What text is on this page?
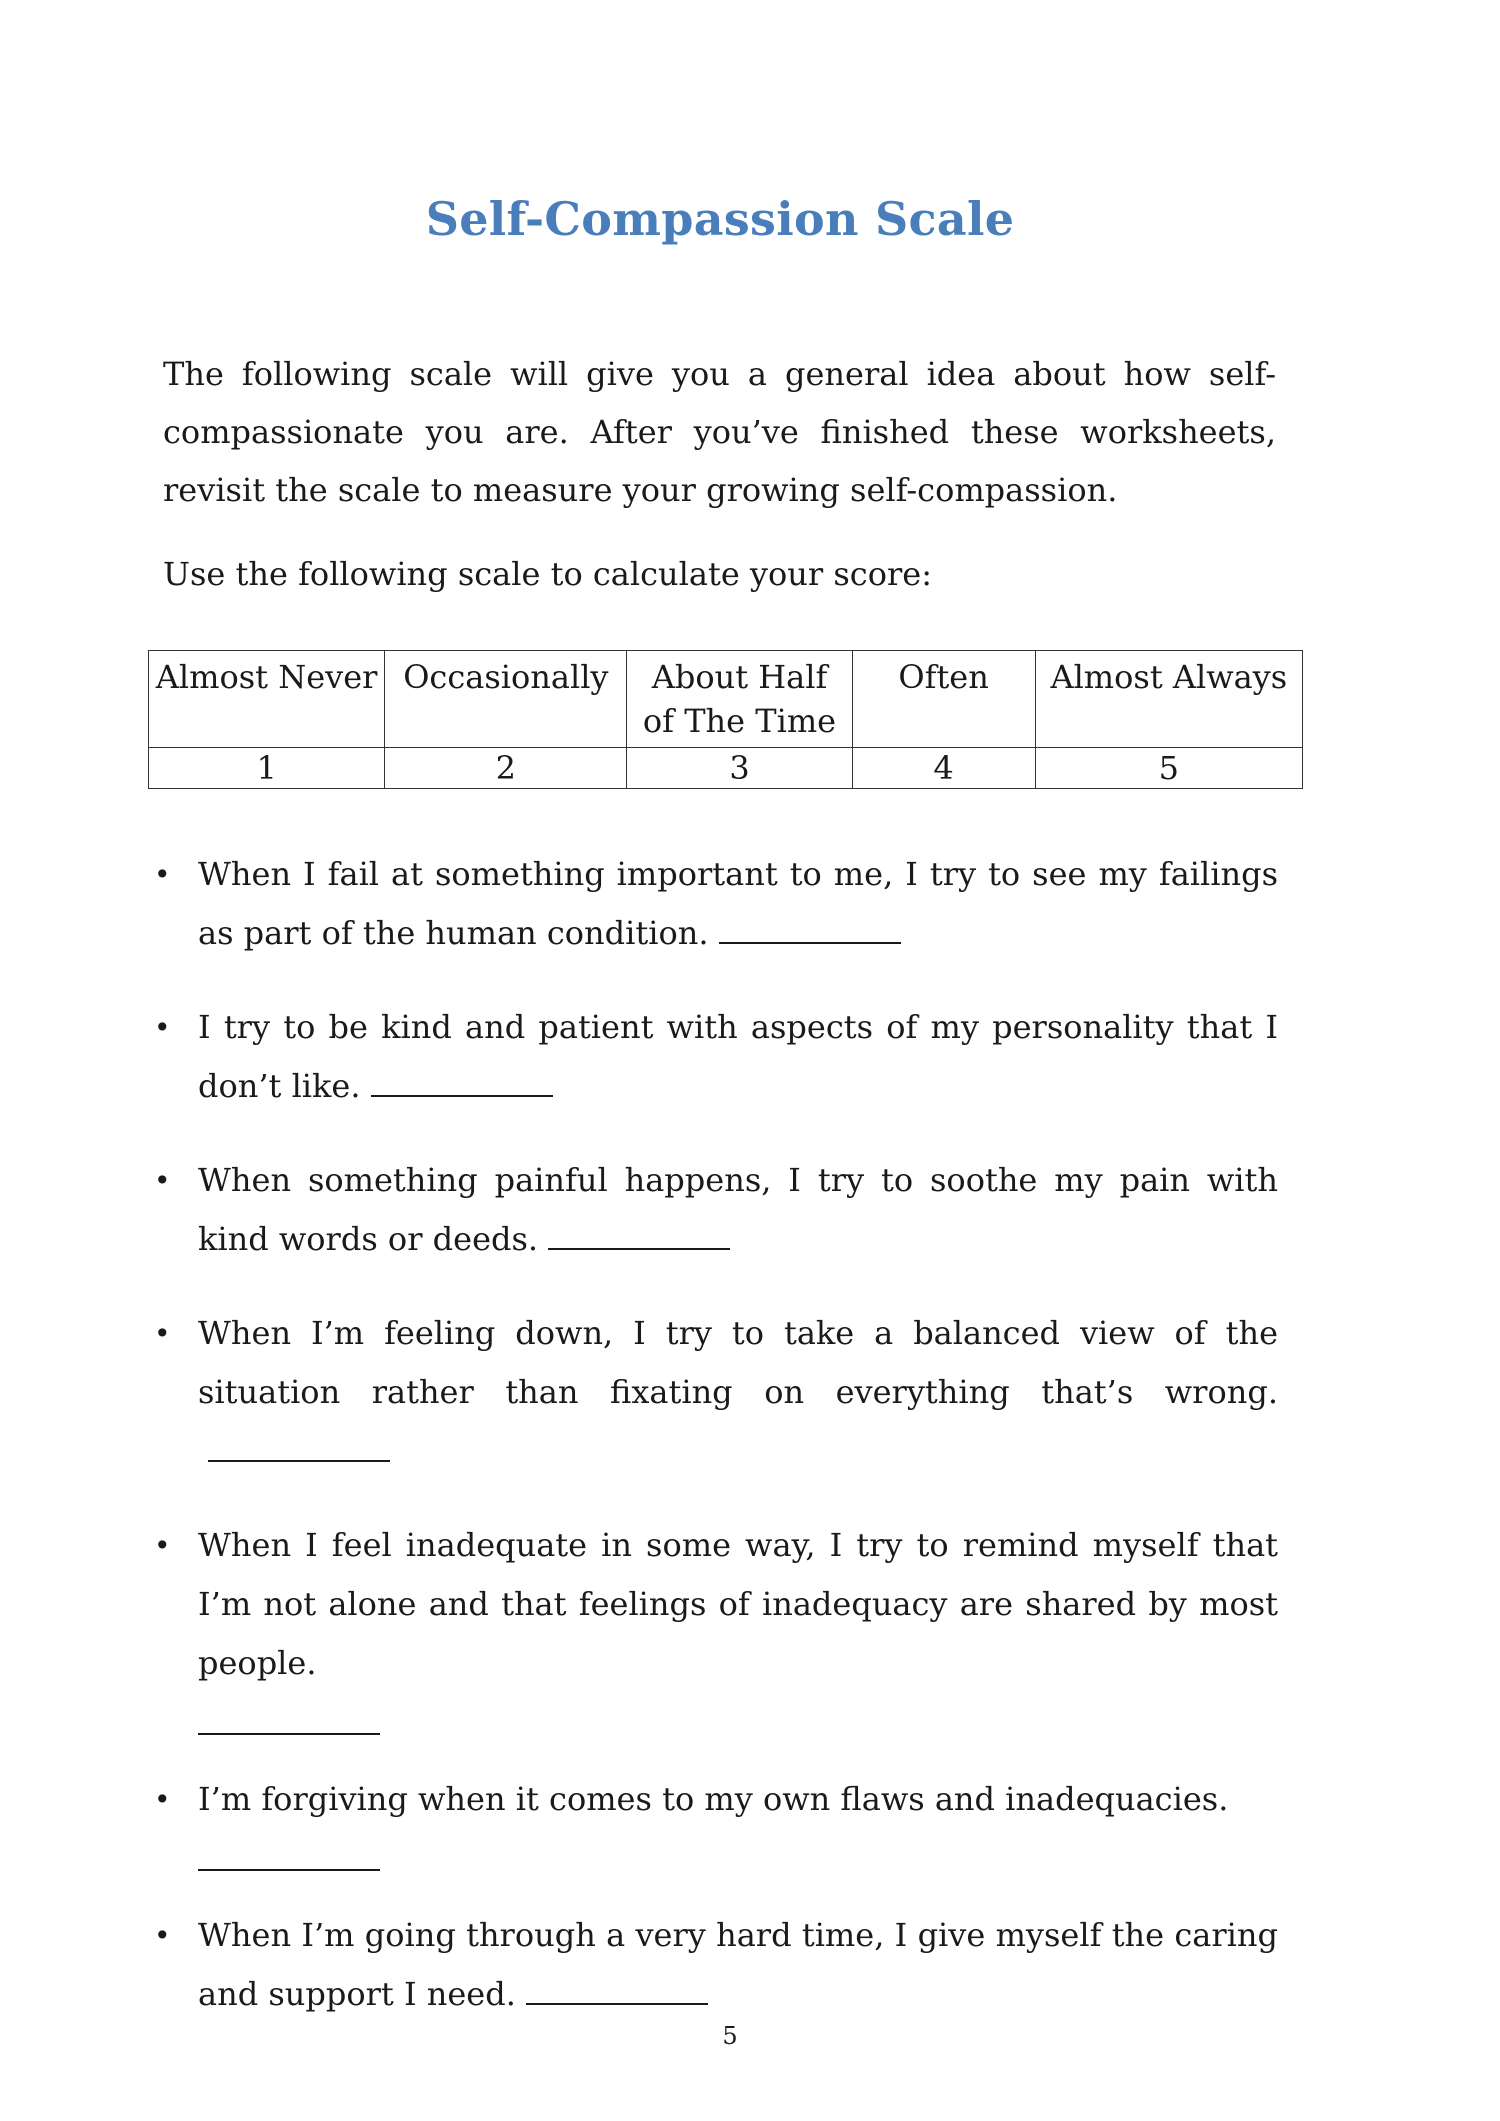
Self-Compassion Scale

The following scale will give you a general idea about how self-compassionate you are. After you’ve finished these worksheets, revisit the scale to measure your growing self-compassion.

Use the following scale to calculate your score:

Almost Never	Occasionally	About Half of The Time	Often	Almost Always
1	2	3	4	5
• When I fail at something important to me, I try to see my failings as part of the human condition.
• I try to be kind and patient with aspects of my personality that I don’t like.
• When something painful happens, I try to soothe my pain with kind words or deeds.
• When I’m feeling down, I try to take a balanced view of the situation rather than fixating on everything that’s wrong.
• When I feel inadequate in some way, I try to remind myself that I’m not alone and that feelings of inadequacy are shared by most people.
• I’m forgiving when it comes to my own flaws and inadequacies.
• When I’m going through a very hard time, I give myself the caring and support I need.
5
